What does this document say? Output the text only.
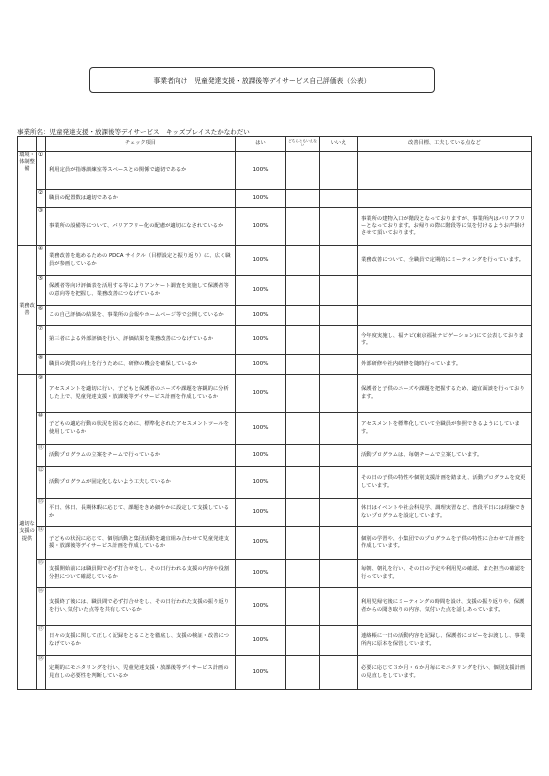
事業者向け　児童発達支援・放課後等デイサービス自己評価表（公表）
事業所名：児童発達支援・放課後等デイサービス　キッズプレイスたかなわだい
		チェック項目	はい	どちらともいえない	いいえ	改善目標、工夫している点など
環境・体制整備	①	利用定員が指導訓練室等スペースとの関係で適切であるか	100%			
	②	職員の配置数は適切であるか	100%			
	③	事業所の設備等について、バリアフリー化の配慮が適切になされているか	100%			事業所の建物入口が階段となっておりますが、事業所内はバリアフリーとなっております。お帰りの際に階段等に気を付けるようお声掛けさせて頂いております。
業務改善	④	業務改善を進めるための PDCA サイクル（目標設定と振り返り）に、広く職員が参画しているか	100%			業務改善について、全職員で定期的にミーティングを行っています。
	⑤	保護者等向け評価表を活用する等によりアンケート調査を実施して保護者等の意向等を把握し、業務改善につなげているか	100%			
	⑥	この自己評価の結果を、事業所の会報やホームページ等で公開しているか	100%			
	⑦	第三者による外部評価を行い、評価結果を業務改善につなげているか	100%			今年度実施し、福ナビ(東京福祉ナビゲーション)にて公表しております。
	⑧	職員の資質の向上を行うために、研修の機会を確保しているか	100%			外部研修や社内研修を随時行っています。
適切な支援の提供	⑨	アセスメントを適切に行い、子どもと保護者のニーズや課題を客観的に分析した上で、児童発達支援・放課後等デイサービス計画を作成しているか	100%			保護者と子供のニーズや課題を把握するため、適宜面談を行っております。
	⑩	子どもの適応行動の状況を図るために、標準化されたアセスメントツールを使用しているか	100%			アセスメントを標準化していて全職員が参照できるようにしています。
	⑪	活動プログラムの立案をチームで行っているか	100%			活動プログラムは、毎朝チームで立案しています。
	⑫	活動プログラムが固定化しないよう工夫しているか	100%			その日の子供の特性や個別支援計画を踏まえ、活動プログラムを変更しています。
	⑬	平日、休日、長期休暇に応じて、課題をきめ細やかに設定して支援しているか	100%			休日はイベントや社会科見学、調理実習など、普段平日には経験できないプログラムを設定しています。
	⑭	子どもの状況に応じて、個別活動と集団活動を適宜組み合わせて児童発達支援・放課後等デイサービス計画を作成しているか	100%			個別の学習や、小集団でのプログラムを子供の特性に合わせて計画を作成しています。
	⑮	支援開始前には職員間で必ず打合せをし、その日行われる支援の内容や役割分担について確認しているか	100%			毎朝、朝礼を行い、その日の予定や利用児の確認、また担当の確認を行っています。
	⑯	支援終了後には、職員間で必ず打合せをし、その日行われた支援の振り返りを行い､気付いた点等を共有しているか	100%			利用児帰宅後にミーティングの時間を設け、支援の振り返りや、保護者からの聞き取りの内容、気付いた点を話しあっています。
	⑰	日々の支援に関して正しく記録をとることを徹底し、支援の検証・改善につなげているか	100%			連絡帳に一日の活動内容を記録し、保護者にコピーをお渡しし、事業所内に原本を保管しています。
	⑱	定期的にモニタリングを行い、児童発達支援・放課後等デイサービス計画の見直しの必要性を判断しているか	100%			必要に応じて３か月・６か月毎にモニタリングを行い、個別支援計画の見直しをしています。
